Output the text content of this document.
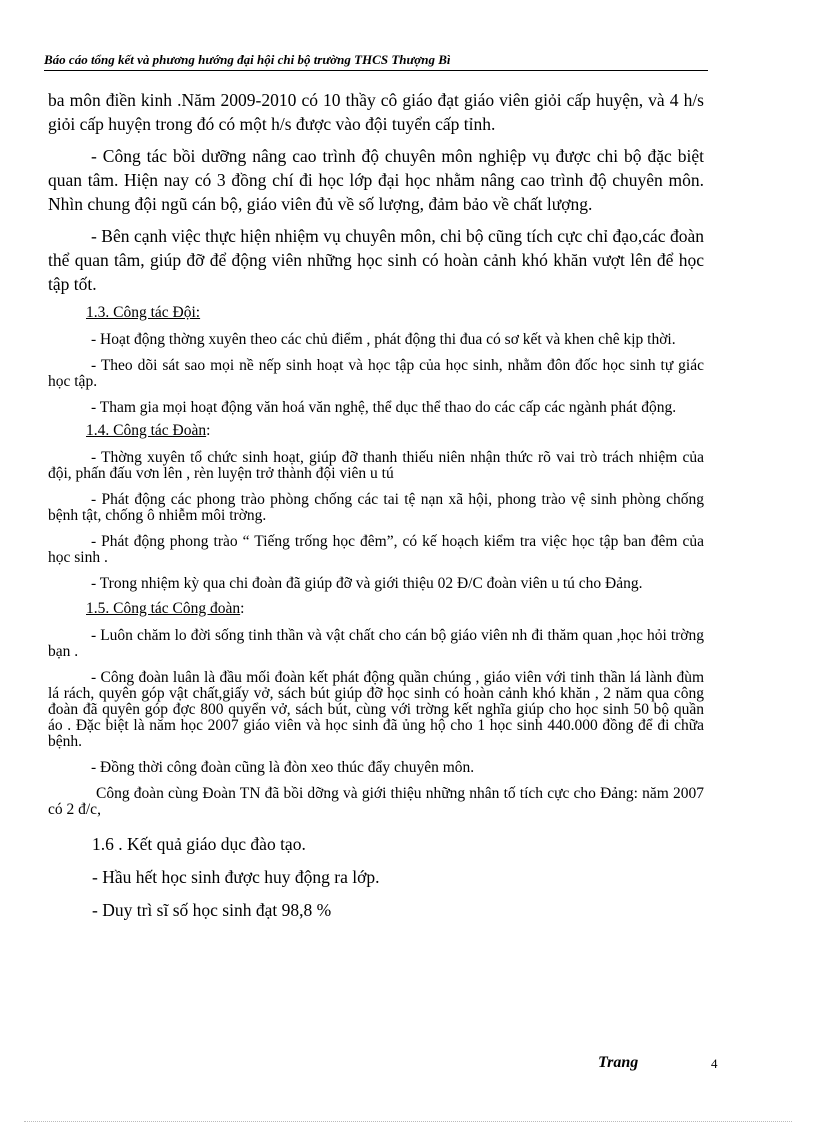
Báo cáo tổng kết và phương hướng đại hội chi bộ trường THCS Thượng Bì

ba môn điền kinh .Năm 2009-2010 có 10 thầy cô giáo đạt giáo viên giỏi cấp huyện, và 4 h/s giỏi cấp huyện trong đó có một h/s được vào đội tuyển cấp tỉnh.

- Công tác bồi dưỡng nâng cao trình độ chuyên môn nghiệp vụ được chi bộ đặc biệt quan tâm. Hiện nay có 3 đồng chí đi học lớp đại học nhằm nâng cao trình độ chuyên môn. Nhìn chung đội ngũ cán bộ, giáo viên đủ về số lượng, đảm bảo về chất lượng.

- Bên cạnh việc thực hiện nhiệm vụ chuyên môn, chi bộ cũng tích cực chỉ đạo,các đoàn thể quan tâm, giúp đỡ để động viên những học sinh có hoàn cảnh khó khăn vượt lên để học tập tốt.

1.3. Công tác Đội:

- Hoạt động thờng xuyên theo các chủ điểm , phát động thi đua có sơ kết và khen chê kịp thời.

- Theo dõi sát sao mọi nề nếp sinh hoạt và học tập của học sinh, nhằm đôn đốc học sinh tự giác học tập.

- Tham gia mọi hoạt động văn hoá văn nghệ, thể dục thể thao do các cấp các ngành phát động.

1.4. Công tác Đoàn:

- Thờng xuyên tổ chức sinh hoạt, giúp đỡ thanh thiếu niên nhận thức rõ vai trò trách nhiệm của đội, phấn đấu vơn lên , rèn luyện trở thành đội viên u tú

- Phát động các phong trào phòng chống các tai tệ nạn xã hội, phong trào vệ sinh phòng chống bệnh tật, chống ô nhiễm môi trờng.

- Phát động phong trào “ Tiếng trống học đêm”, có kế hoạch kiểm tra việc học tập ban đêm của học sinh .

- Trong nhiệm kỳ qua chi đoàn đã giúp đỡ và giới thiệu 02 Đ/C đoàn viên u tú cho Đảng.

1.5. Công tác Công đoàn:

- Luôn chăm lo đời sống tinh thần và vật chất cho cán bộ giáo viên nh đi thăm quan ,học hỏi trờng bạn .

- Công đoàn luân là đầu mối đoàn kết phát động quần chúng , giáo viên với tinh thần lá lành đùm lá rách, quyên góp vật chất,giấy vở, sách bút giúp đỡ học sinh có hoàn cảnh khó khăn , 2 năm qua công đoàn đã quyên góp đợc 800 quyển vở, sách bút, cùng với trờng kết nghĩa giúp cho học sinh 50 bộ quần áo . Đặc biệt là năm học 2007 giáo viên và học sinh đã ủng hộ cho 1 học sinh 440.000 đồng để đi chữa bệnh.

- Đồng thời công đoàn cũng là đòn xeo thúc đẩy chuyên môn.

Công đoàn cùng Đoàn TN đã bồi dỡng và giới thiệu những nhân tố tích cực cho Đảng: năm 2007 có 2 đ/c,

1.6 . Kết quả giáo dục đào tạo.

- Hầu hết học sinh được huy động ra lớp.

- Duy trì sĩ số học sinh đạt 98,8 %

Trang	4
